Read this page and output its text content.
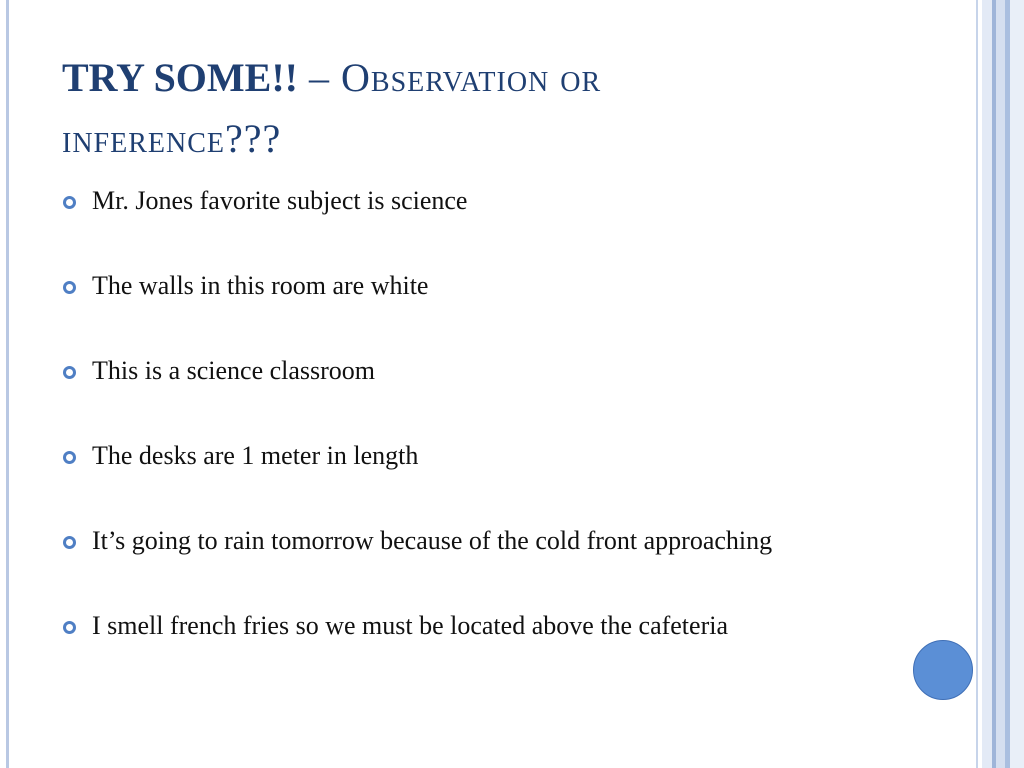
TRY SOME!! – Observation or
inference???
Mr. Jones favorite subject is science
The walls in this room are white
This is a science classroom
The desks are 1 meter in length
It’s going to rain tomorrow because of the cold front approaching
I smell french fries so we must be located above the cafeteria
